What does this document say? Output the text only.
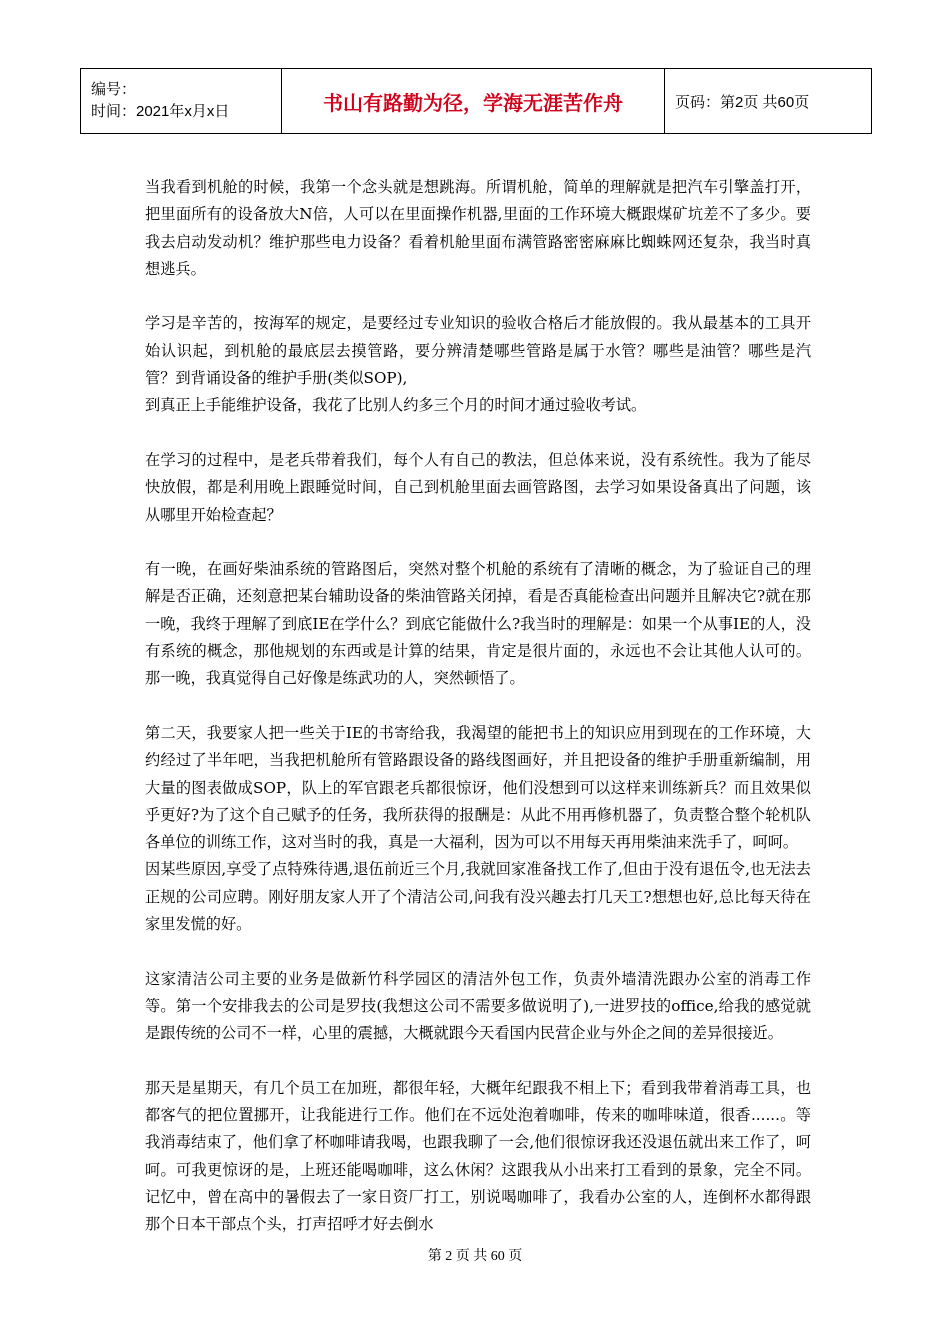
编号：
时间：2021年x月x日	书山有路勤为径，学海无涯苦作舟	页码：第2页 共60页

当我看到机舱的时候，我第一个念头就是想跳海。所谓机舱，简单的理解就是把汽车引擎盖打开，把里面所有的设备放大N倍，人可以在里面操作机器,里面的工作环境大概跟煤矿坑差不了多少。要我去启动发动机？维护那些电力设备？看着机舱里面布满管路密密麻麻比蜘蛛网还复杂，我当时真想逃兵。

学习是辛苦的，按海军的规定，是要经过专业知识的验收合格后才能放假的。我从最基本的工具开始认识起，到机舱的最底层去摸管路，要分辨清楚哪些管路是属于水管？哪些是油管？哪些是汽管？到背诵设备的维护手册(类似SOP),

到真正上手能维护设备，我花了比别人约多三个月的时间才通过验收考试。

在学习的过程中，是老兵带着我们，每个人有自己的教法，但总体来说，没有系统性。我为了能尽快放假，都是利用晚上跟睡觉时间，自己到机舱里面去画管路图，去学习如果设备真出了问题，该从哪里开始检查起？

有一晚，在画好柴油系统的管路图后，突然对整个机舱的系统有了清晰的概念，为了验证自己的理解是否正确，还刻意把某台辅助设备的柴油管路关闭掉，看是否真能检查出问题并且解决它?就在那一晚，我终于理解了到底IE在学什么？到底它能做什么?我当时的理解是：如果一个从事IE的人，没有系统的概念，那他规划的东西或是计算的结果，肯定是很片面的，永远也不会让其他人认可的。那一晚，我真觉得自己好像是练武功的人，突然顿悟了。

第二天，我要家人把一些关于IE的书寄给我，我渴望的能把书上的知识应用到现在的工作环境，大约经过了半年吧，当我把机舱所有管路跟设备的路线图画好，并且把设备的维护手册重新编制，用大量的图表做成SOP，队上的军官跟老兵都很惊讶，他们没想到可以这样来训练新兵？而且效果似乎更好?为了这个自己赋予的任务，我所获得的报酬是：从此不用再修机器了，负责整合整个轮机队各单位的训练工作，这对当时的我，真是一大福利，因为可以不用每天再用柴油来洗手了，呵呵。

因某些原因,享受了点特殊待遇,退伍前近三个月,我就回家准备找工作了,但由于没有退伍令,也无法去正规的公司应聘。刚好朋友家人开了个清洁公司,问我有没兴趣去打几天工?想想也好,总比每天待在家里发慌的好。

这家清洁公司主要的业务是做新竹科学园区的清洁外包工作，负责外墙清洗跟办公室的消毒工作等。第一个安排我去的公司是罗技(我想这公司不需要多做说明了),一进罗技的office,给我的感觉就是跟传统的公司不一样，心里的震撼，大概就跟今天看国内民营企业与外企之间的差异很接近。

那天是星期天，有几个员工在加班，都很年轻，大概年纪跟我不相上下；看到我带着消毒工具，也都客气的把位置挪开，让我能进行工作。他们在不远处泡着咖啡，传来的咖啡味道，很香......。等我消毒结束了，他们拿了杯咖啡请我喝，也跟我聊了一会,他们很惊讶我还没退伍就出来工作了，呵呵。可我更惊讶的是，上班还能喝咖啡，这么休闲？这跟我从小出来打工看到的景象，完全不同。记忆中，曾在高中的暑假去了一家日资厂打工，别说喝咖啡了，我看办公室的人，连倒杯水都得跟那个日本干部点个头，打声招呼才好去倒水

第 2 页 共 60 页
